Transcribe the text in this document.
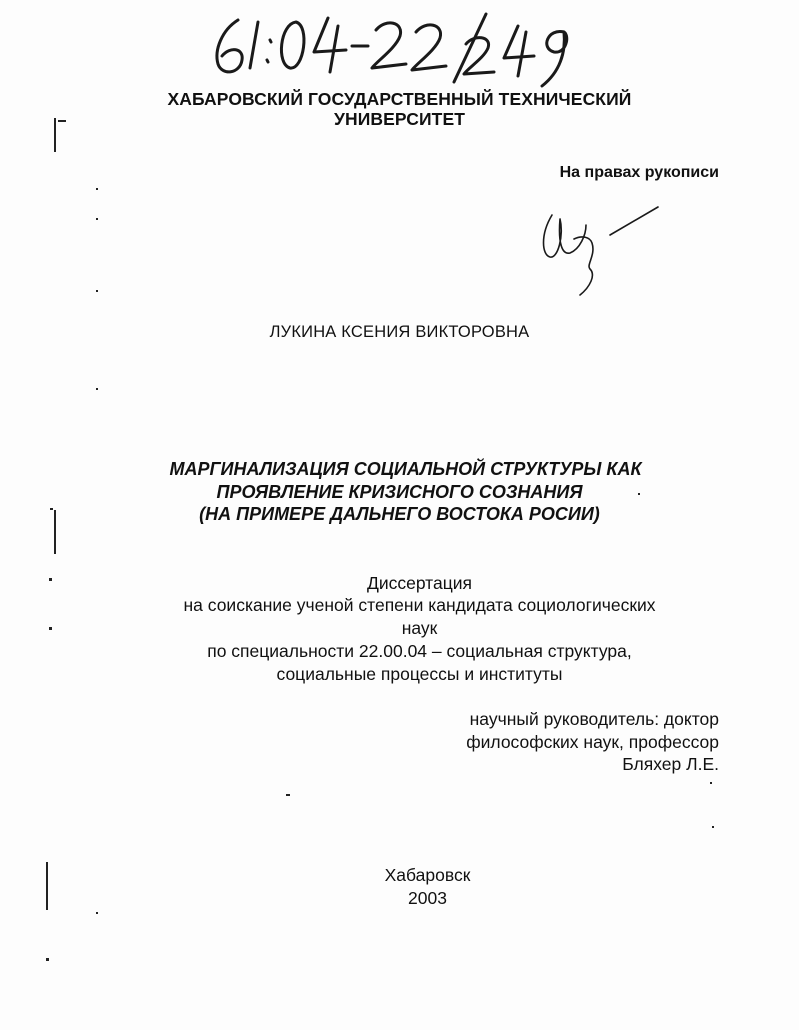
ХАБАРОВСКИЙ ГОСУДАРСТВЕННЫЙ ТЕХНИЧЕСКИЙ
УНИВЕРСИТЕТ
На правах рукописи
ЛУКИНА КСЕНИЯ ВИКТОРОВНА
МАРГИНАЛИЗАЦИЯ СОЦИАЛЬНОЙ СТРУКТУРЫ КАК
ПРОЯВЛЕНИЕ КРИЗИСНОГО СОЗНАНИЯ
(НА ПРИМЕРЕ ДАЛЬНЕГО ВОСТОКА РОСИИ)
Диссертация
на соискание ученой степени кандидата социологических
наук
по специальности 22.00.04 – социальная структура,
социальные процессы и институты
научный руководитель: доктор
философских наук, профессор
Бляхер Л.Е.
Хабаровск
2003
